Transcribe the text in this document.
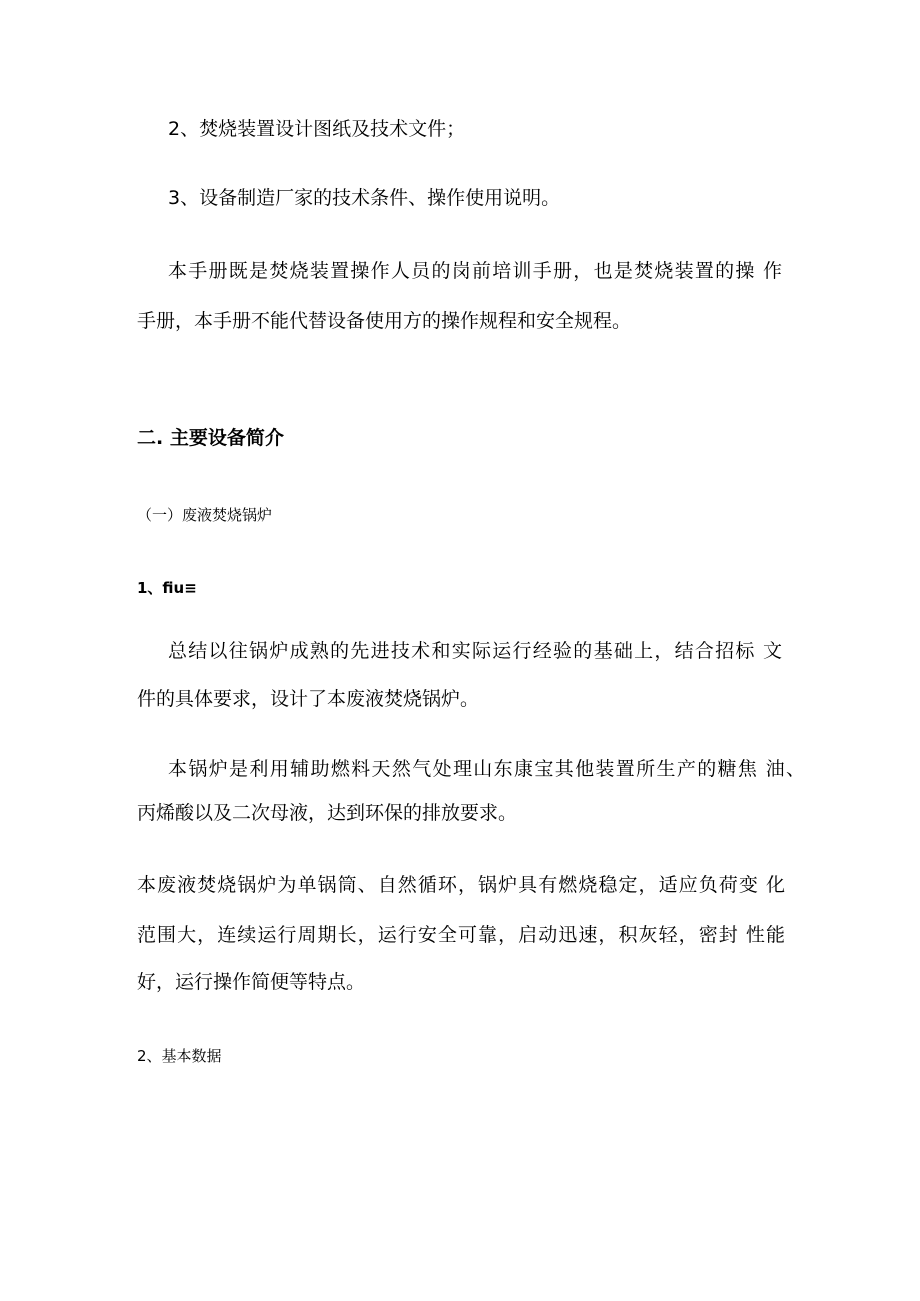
2、焚烧装置设计图纸及技术文件；

3、设备制造厂家的技术条件、操作使用说明。

本手册既是焚烧装置操作人员的岗前培训手册，也是焚烧装置的操 作

手册，本手册不能代替设备使用方的操作规程和安全规程。

二. 主要设备简介

（一）废液焚烧锅炉

1、fiu≡

总结以往锅炉成熟的先进技术和实际运行经验的基础上，结合招标 文

件的具体要求，设计了本废液焚烧锅炉。

本锅炉是利用辅助燃料天然气处理山东康宝其他装置所生产的糖焦 油、

丙烯酸以及二次母液，达到环保的排放要求。

本废液焚烧锅炉为单锅筒、自然循环，锅炉具有燃烧稳定，适应负荷变 化

范围大，连续运行周期长，运行安全可靠，启动迅速，积灰轻，密封 性能

好，运行操作简便等特点。

2、基本数据
